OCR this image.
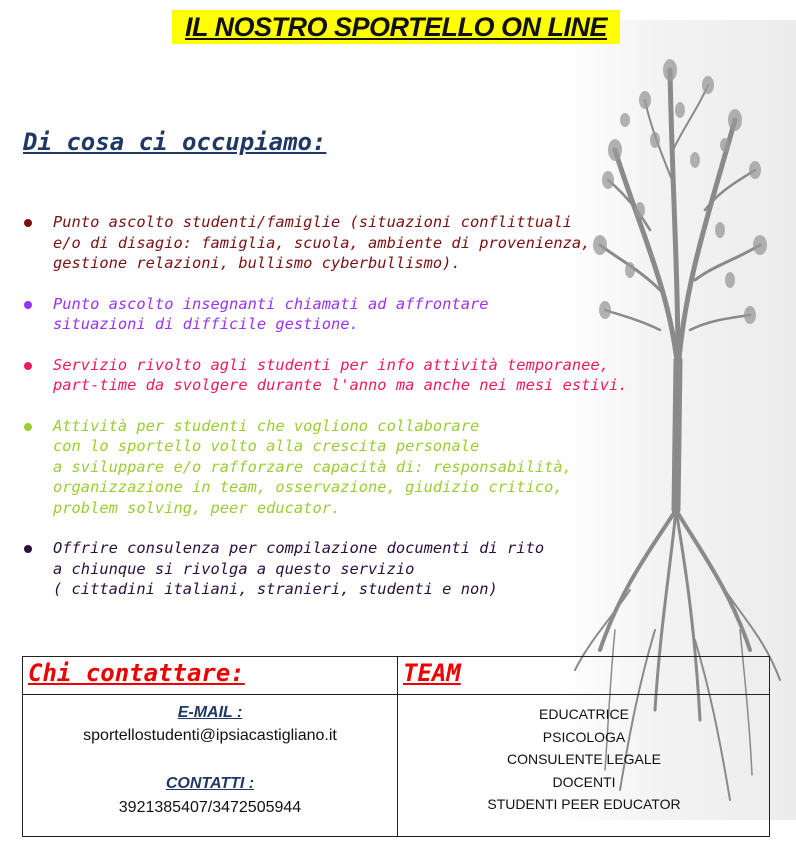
IL NOSTRO SPORTELLO ON LINE
Di cosa ci occupiamo:

Punto ascolto studenti/famiglie (situazioni conflittuali
e/o di disagio: famiglia, scuola, ambiente di provenienza,
gestione relazioni, bullismo cyberbullismo).

Punto ascolto insegnanti chiamati ad affrontare
situazioni di difficile gestione.

Servizio rivolto agli studenti per info attività temporanee,
part-time da svolgere durante l'anno ma anche nei mesi estivi.

Attività per studenti che vogliono collaborare
con lo sportello volto alla crescita personale
a sviluppare e/o rafforzare capacità di: responsabilità,
organizzazione in team, osservazione, giudizio critico,
problem solving, peer educator.

Offrire consulenza per compilazione documenti di rito
a chiunque si rivolga a questo servizio
( cittadini italiani, stranieri, studenti e non)

Chi contattare:	TEAM
E-MAIL :
sportellostudenti@ipsiacastigliano.it
CONTATTI :
3921385407/3472505944
EDUCATRICE
PSICOLOGA
CONSULENTE LEGALE
DOCENTI
STUDENTI PEER EDUCATOR
